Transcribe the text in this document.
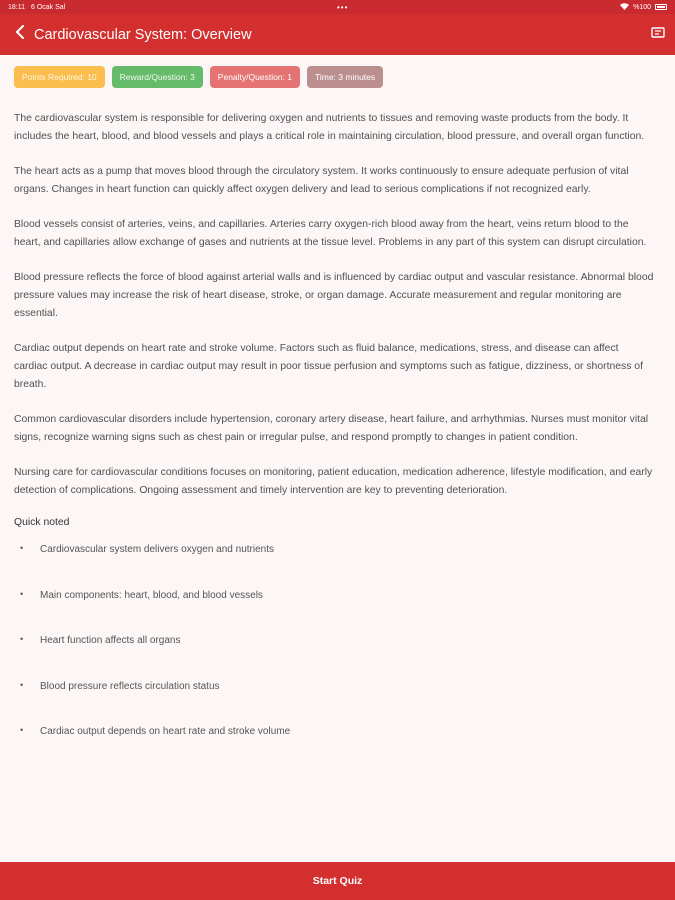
18:11 6 Ocak Sal	•••	%100
Cardiovascular System: Overview
Points Required: 10	Reward/Question: 3	Penalty/Question: 1	Time: 3 minutes

The cardiovascular system is responsible for delivering oxygen and nutrients to tissues and removing waste products from the body. It includes the heart, blood, and blood vessels and plays a critical role in maintaining circulation, blood pressure, and overall organ function.

The heart acts as a pump that moves blood through the circulatory system. It works continuously to ensure adequate perfusion of vital organs. Changes in heart function can quickly affect oxygen delivery and lead to serious complications if not recognized early.

Blood vessels consist of arteries, veins, and capillaries. Arteries carry oxygen-rich blood away from the heart, veins return blood to the heart, and capillaries allow exchange of gases and nutrients at the tissue level. Problems in any part of this system can disrupt circulation.

Blood pressure reflects the force of blood against arterial walls and is influenced by cardiac output and vascular resistance. Abnormal blood pressure values may increase the risk of heart disease, stroke, or organ damage. Accurate measurement and regular monitoring are essential.

Cardiac output depends on heart rate and stroke volume. Factors such as fluid balance, medications, stress, and disease can affect cardiac output. A decrease in cardiac output may result in poor tissue perfusion and symptoms such as fatigue, dizziness, or shortness of breath.

Common cardiovascular disorders include hypertension, coronary artery disease, heart failure, and arrhythmias. Nurses must monitor vital signs, recognize warning signs such as chest pain or irregular pulse, and respond promptly to changes in patient condition.

Nursing care for cardiovascular conditions focuses on monitoring, patient education, medication adherence, lifestyle modification, and early detection of complications. Ongoing assessment and timely intervention are key to preventing deterioration.

Quick noted
• Cardiovascular system delivers oxygen and nutrients
• Main components: heart, blood, and blood vessels
• Heart function affects all organs
• Blood pressure reflects circulation status
• Cardiac output depends on heart rate and stroke volume
Start Quiz
